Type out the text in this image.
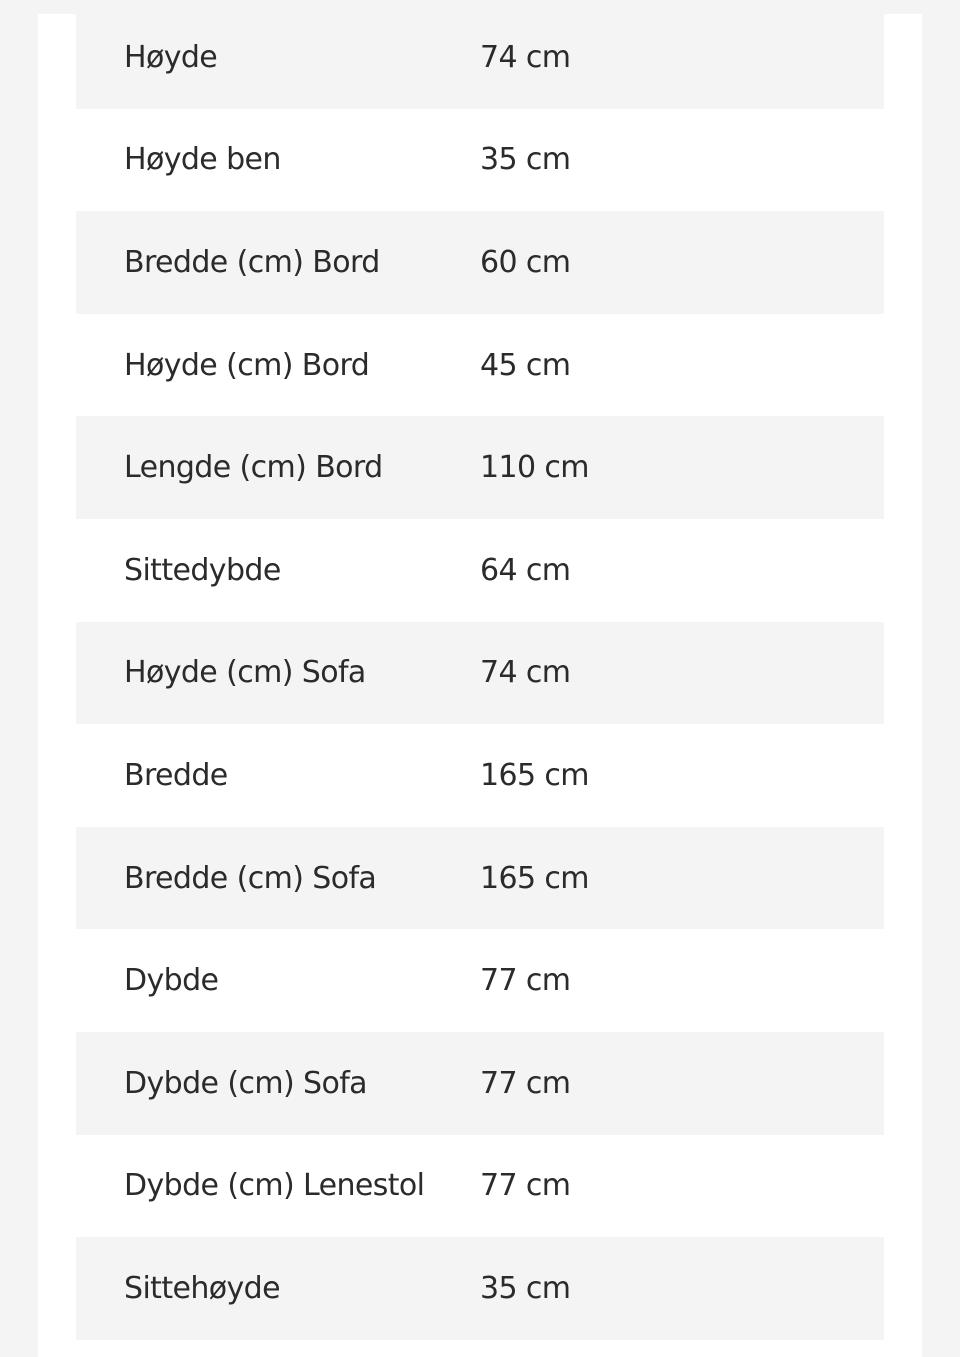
Høyde	74 cm
Høyde ben	35 cm
Bredde (cm) Bord	60 cm
Høyde (cm) Bord	45 cm
Lengde (cm) Bord	110 cm
Sittedybde	64 cm
Høyde (cm) Sofa	74 cm
Bredde	165 cm
Bredde (cm) Sofa	165 cm
Dybde	77 cm
Dybde (cm) Sofa	77 cm
Dybde (cm) Lenestol	77 cm
Sittehøyde	35 cm
